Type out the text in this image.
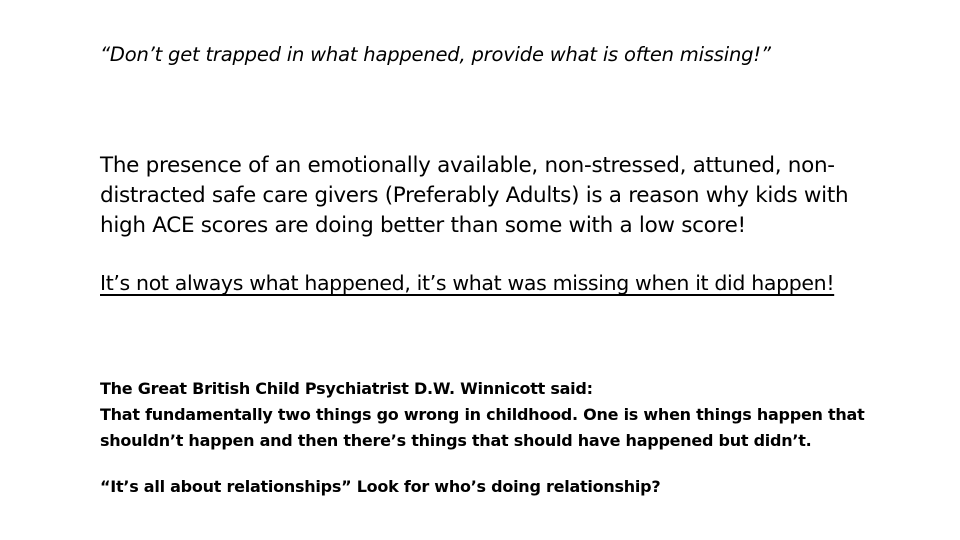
“Don’t get trapped in what happened, provide what is often missing!”
The presence of an emotionally available, non-stressed, attuned, non-distracted safe care givers (Preferably Adults) is a reason why kids with high ACE scores are doing better than some with a low score!
It’s not always what happened, it’s what was missing when it did happen!

The Great British Child Psychiatrist D.W. Winnicott said:

That fundamentally two things go wrong in childhood. One is when things happen that shouldn’t happen and then there’s things that should have happened but didn’t.

“It’s all about relationships” Look for who’s doing relationship?
